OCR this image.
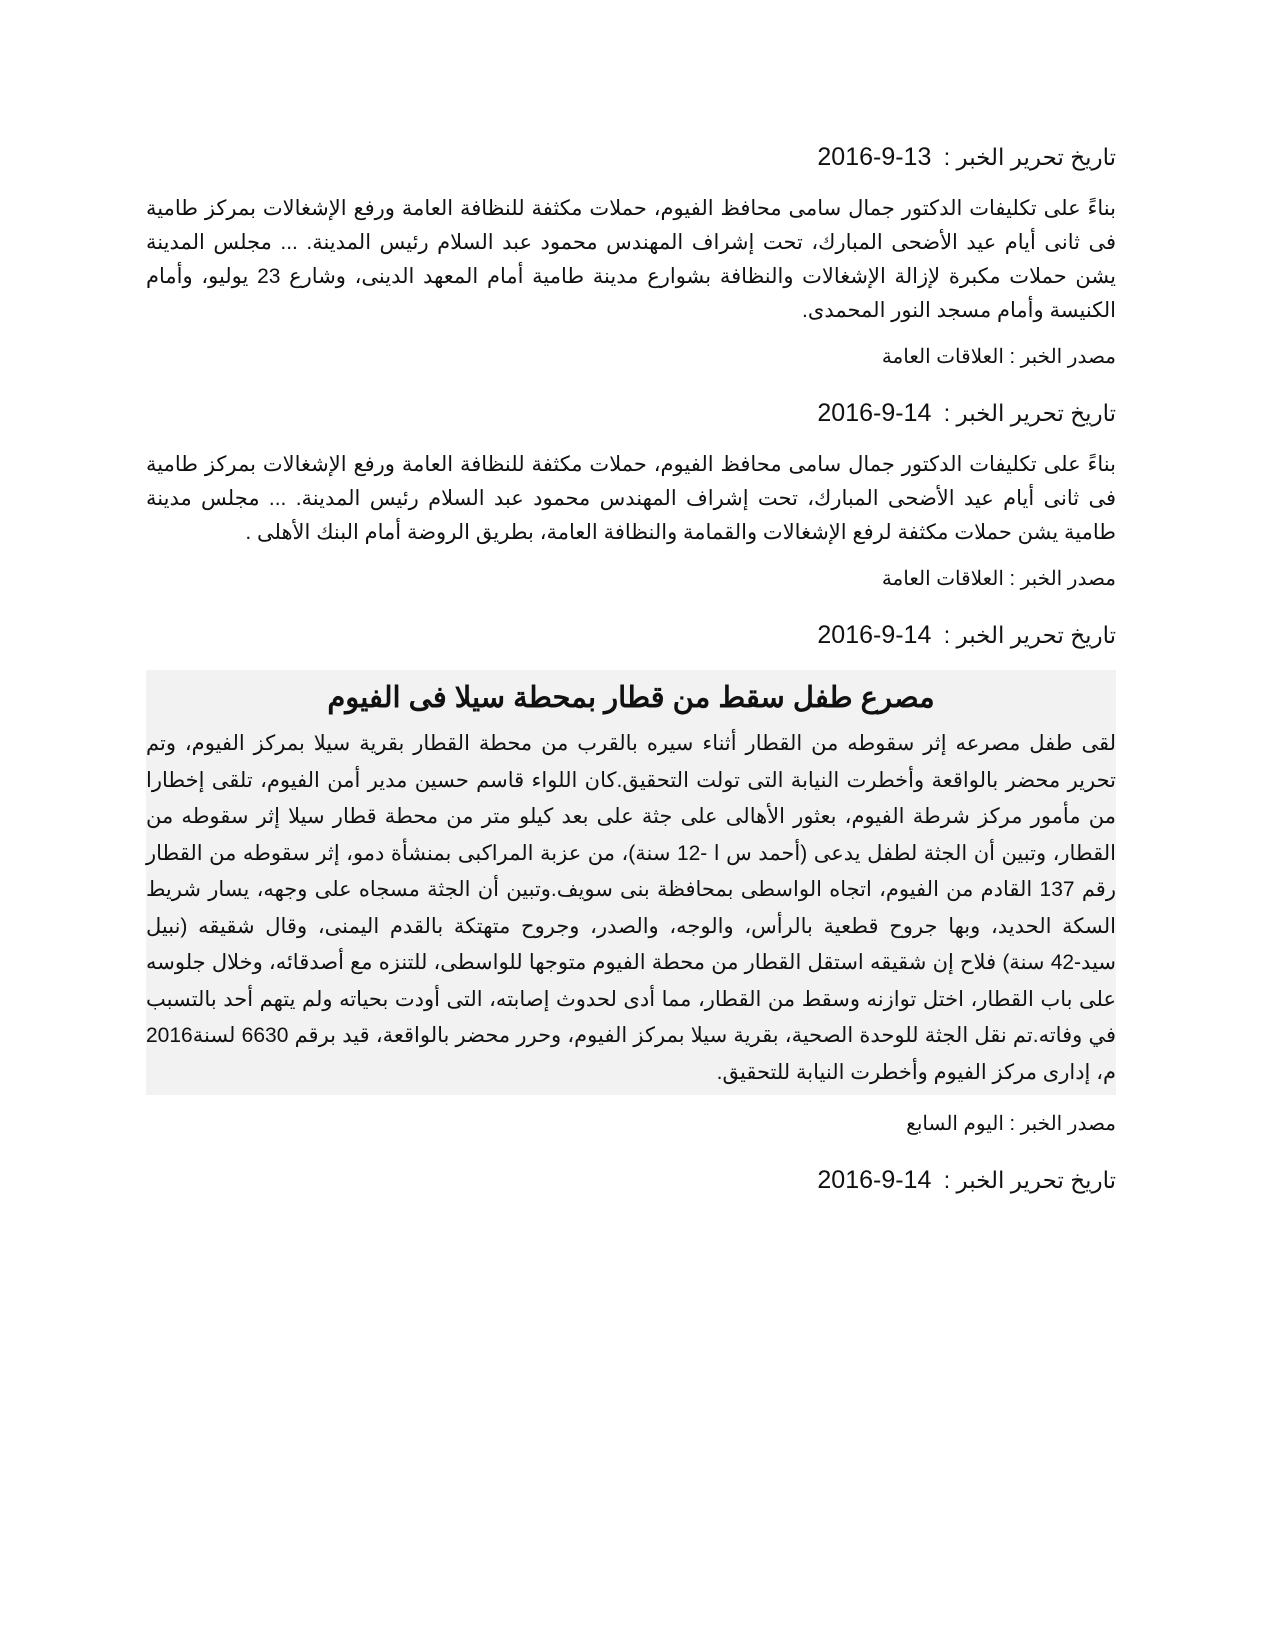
تاريخ تحرير الخبر : 2016-9-13

بناءً على تكليفات الدكتور جمال سامى محافظ الفيوم، حملات مكثفة للنظافة العامة ورفع الإشغالات بمركز طامية فى ثانى أيام عيد الأضحى المبارك، تحت إشراف المهندس محمود عبد السلام رئيس المدينة. ... مجلس المدينة يشن حملات مكبرة لإزالة الإشغالات والنظافة بشوارع مدينة طامية أمام المعهد الدينى، وشارع 23 يوليو، وأمام الكنيسة وأمام مسجد النور المحمدى.

مصدر الخبر : العلاقات العامة
تاريخ تحرير الخبر : 2016-9-14

بناءً على تكليفات الدكتور جمال سامى محافظ الفيوم، حملات مكثفة للنظافة العامة ورفع الإشغالات بمركز طامية فى ثانى أيام عيد الأضحى المبارك، تحت إشراف المهندس محمود عبد السلام رئيس المدينة. ... مجلس مدينة طامية يشن حملات مكثفة لرفع الإشغالات والقمامة والنظافة العامة، بطريق الروضة أمام البنك الأهلى .

مصدر الخبر : العلاقات العامة
تاريخ تحرير الخبر : 2016-9-14
مصرع طفل سقط من قطار بمحطة سيلا فى الفيوم
لقى طفل مصرعه إثر سقوطه من القطار أثناء سيره بالقرب من محطة القطار بقرية سيلا بمركز الفيوم، وتم تحرير محضر بالواقعة وأخطرت النيابة التى تولت التحقيق.كان اللواء قاسم حسين مدير أمن الفيوم، تلقى إخطارا من مأمور مركز شرطة الفيوم، بعثور الأهالى على جثة على بعد كيلو متر من محطة قطار سيلا إثر سقوطه من القطار، وتبين أن الجثة لطفل يدعى (أحمد س ا -12 سنة)، من عزبة المراكبى بمنشأة دمو، إثر سقوطه من القطار رقم 137 القادم من الفيوم، اتجاه الواسطى بمحافظة بنى سويف.وتبين أن الجثة مسجاه على وجهه، يسار شريط السكة الحديد، وبها جروح قطعية بالرأس، والوجه، والصدر، وجروح متهتكة بالقدم اليمنى، وقال شقيقه (نبيل سيد-42 سنة) فلاح إن شقيقه استقل القطار من محطة الفيوم متوجها للواسطى، للتنزه مع أصدقائه، وخلال جلوسه على باب القطار، اختل توازنه وسقط من القطار، مما أدى لحدوث إصابته، التى أودت بحياته ولم يتهم أحد بالتسبب في وفاته.تم نقل الجثة للوحدة الصحية، بقرية سيلا بمركز الفيوم، وحرر محضر بالواقعة، قيد برقم 6630 لسنة2016 م، إدارى مركز الفيوم وأخطرت النيابة للتحقيق.
مصدر الخبر : اليوم السابع
تاريخ تحرير الخبر : 2016-9-14
